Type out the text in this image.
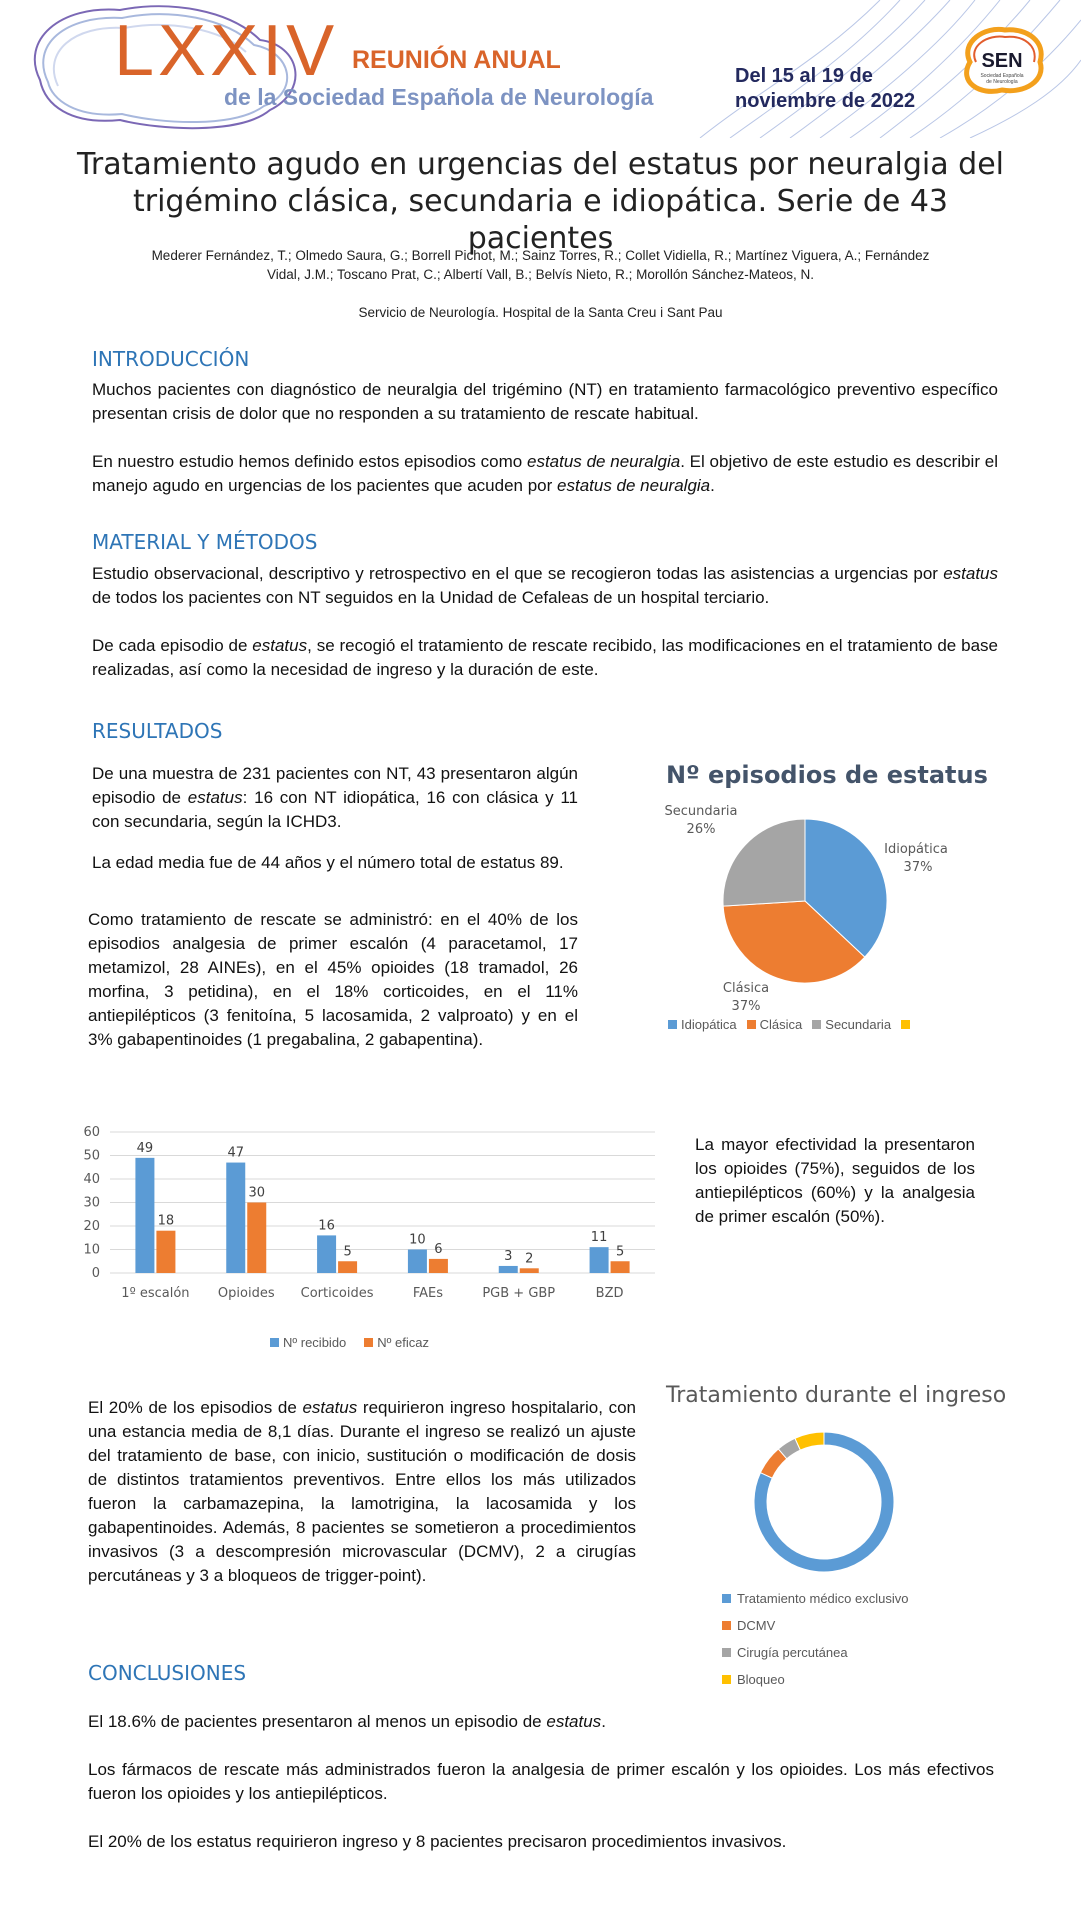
LXXIV REUNIÓN ANUAL
de la Sociedad Española de Neurología
Del 15 al 19 de
noviembre de 2022
SEN
Sociedad Española
de Neurología
Tratamiento agudo en urgencias del estatus por neuralgia del
trigémino clásica, secundaria e idiopática. Serie de 43 pacientes
Mederer Fernández, T.; Olmedo Saura, G.; Borrell Pichot, M.; Sainz Torres, R.; Collet Vidiella, R.; Martínez Viguera, A.; Fernández
Vidal, J.M.; Toscano Prat, C.; Albertí Vall, B.; Belvís Nieto, R.; Morollón Sánchez-Mateos, N.
Servicio de Neurología. Hospital de la Santa Creu i Sant Pau
INTRODUCCIÓN
Muchos pacientes con diagnóstico de neuralgia del trigémino (NT) en tratamiento farmacológico preventivo específico presentan crisis de dolor que no responden a su tratamiento de rescate habitual.
En nuestro estudio hemos definido estos episodios como estatus de neuralgia. El objetivo de este estudio es describir el manejo agudo en urgencias de los pacientes que acuden por estatus de neuralgia.
MATERIAL Y MÉTODOS
Estudio observacional, descriptivo y retrospectivo en el que se recogieron todas las asistencias a urgencias por estatus de todos los pacientes con NT seguidos en la Unidad de Cefaleas de un hospital terciario.
De cada episodio de estatus, se recogió el tratamiento de rescate recibido, las modificaciones en el tratamiento de base realizadas, así como la necesidad de ingreso y la duración de este.
RESULTADOS
De una muestra de 231 pacientes con NT, 43 presentaron algún episodio de estatus: 16 con NT idiopática, 16 con clásica y 11 con secundaria, según la ICHD3.
La edad media fue de 44 años y el número total de estatus 89.
Como tratamiento de rescate se administró: en el 40% de los episodios analgesia de primer escalón (4 paracetamol, 17 metamizol, 28 AINEs), en el 45% opioides (18 tramadol, 26 morfina, 3 petidina), en el 18% corticoides, en el 11% antiepilépticos (3 fenitoína, 5 lacosamida, 2 valproato) y en el 3% gabapentinoides (1 pregabalina, 2 gabapentina).
Nº episodios de estatus
Secundaria
26%
Idiopática
37%
Clásica
37%
Idiopática Clásica Secundaria
0
10
20
30
40
50
60
49
18
1º escalón
47
30
Opioides
16
5
Corticoides
10
6
FAEs
3 2
PGB + GBP
11
5
BZD
Nº recibido Nº eficaz
La mayor efectividad la presentaron los opioides (75%), seguidos de los antiepilépticos (60%) y la analgesia de primer escalón (50%).
El 20% de los episodios de estatus requirieron ingreso hospitalario, con una estancia media de 8,1 días. Durante el ingreso se realizó un ajuste del tratamiento de base, con inicio, sustitución o modificación de dosis de distintos tratamientos preventivos. Entre ellos los más utilizados fueron la carbamazepina, la lamotrigina, la lacosamida y los gabapentinoides. Además, 8 pacientes se sometieron a procedimientos invasivos (3 a descompresión microvascular (DCMV), 2 a cirugías percutáneas y 3 a bloqueos de trigger-point).
Tratamiento durante el ingreso
Tratamiento médico exclusivo
DCMV
Cirugía percutánea
Bloqueo
CONCLUSIONES
El 18.6% de pacientes presentaron al menos un episodio de estatus.
Los fármacos de rescate más administrados fueron la analgesia de primer escalón y los opioides. Los más efectivos fueron los opioides y los antiepilépticos.
El 20% de los estatus requirieron ingreso y 8 pacientes precisaron procedimientos invasivos.
